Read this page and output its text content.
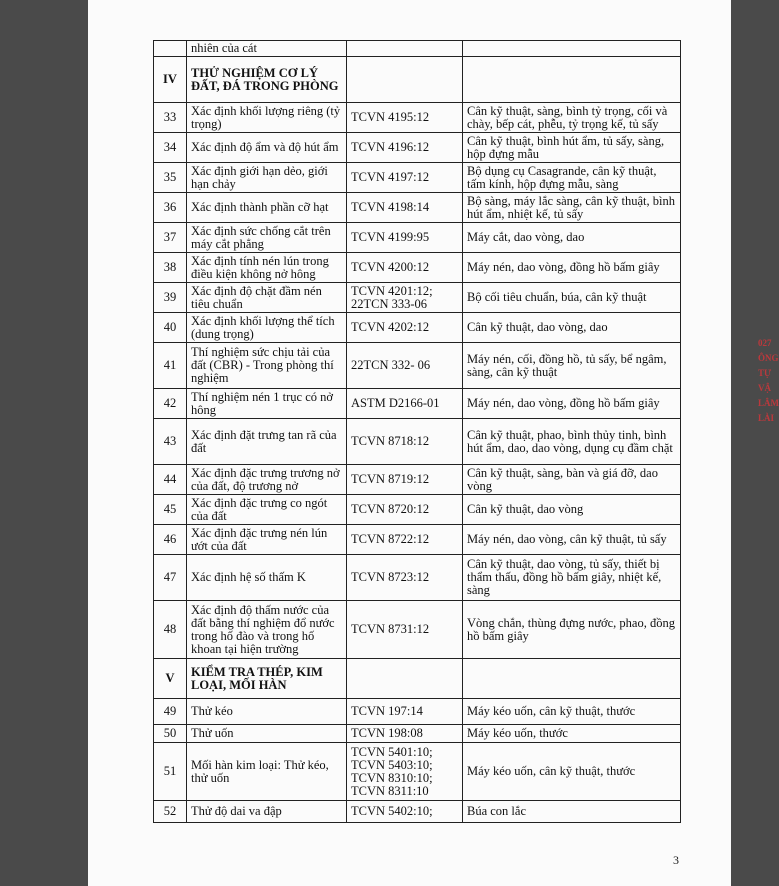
	nhiên của cát		
IV	THỬ NGHIỆM CƠ LÝ ĐẤT, ĐÁ TRONG PHÒNG		
33	Xác định khối lượng riêng (tỷ trọng)	TCVN 4195:12	Cân kỹ thuật, sàng, bình tỷ trọng, cối và chày, bếp cát, phễu, tỷ trọng kế, tủ sấy
34	Xác định độ ẩm và độ hút ẩm	TCVN 4196:12	Cân kỹ thuật, bình hút ẩm, tủ sấy, sàng, hộp đựng mẫu
35	Xác định giới hạn dẻo, giới hạn chảy	TCVN 4197:12	Bộ dụng cụ Casagrande, cân kỹ thuật, tấm kính, hộp đựng mẫu, sàng
36	Xác định thành phần cỡ hạt	TCVN 4198:14	Bộ sàng, máy lắc sàng, cân kỹ thuật, bình hút ẩm, nhiệt kế, tủ sấy
37	Xác định sức chống cắt trên máy cắt phẳng	TCVN 4199:95	Máy cắt, dao vòng, dao
38	Xác định tính nén lún trong điều kiện không nở hông	TCVN 4200:12	Máy nén, dao vòng, đồng hồ bấm giây
39	Xác định độ chặt đầm nén tiêu chuẩn	TCVN 4201:12; 22TCN 333-06	Bộ cối tiêu chuẩn, búa, cân kỹ thuật
40	Xác định khối lượng thể tích (dung trọng)	TCVN 4202:12	Cân kỹ thuật, dao vòng, dao
41	Thí nghiệm sức chịu tải của đất (CBR) - Trong phòng thí nghiệm	22TCN 332- 06	Máy nén, cối, đồng hồ, tủ sấy, bể ngâm, sàng, cân kỹ thuật
42	Thí nghiệm nén 1 trục có nở hông	ASTM D2166-01	Máy nén, dao vòng, đồng hồ bấm giây
43	Xác định đặt trưng tan rã của đất	TCVN 8718:12	Cân kỹ thuật, phao, bình thủy tinh, bình hút ẩm, dao, dao vòng, dụng cụ đầm chặt
44	Xác định đặc trưng trương nở của đất, độ trương nở	TCVN 8719:12	Cân kỹ thuật, sàng, bàn và giá đỡ, dao vòng
45	Xác định đặc trưng co ngót của đất	TCVN 8720:12	Cân kỹ thuật, dao vòng
46	Xác định đặc trưng nén lún ướt của đất	TCVN 8722:12	Máy nén, dao vòng, cân kỹ thuật, tủ sấy
47	Xác định hệ số thấm K	TCVN 8723:12	Cân kỹ thuật, dao vòng, tủ sấy, thiết bị thẩm thấu, đồng hồ bấm giây, nhiệt kế, sàng
48	Xác định độ thấm nước của đất bằng thí nghiệm đổ nước trong hố đào và trong hố khoan tại hiện trường	TCVN 8731:12	Vòng chắn, thùng đựng nước, phao, đồng hồ bấm giây
V	KIỂM TRA THÉP, KIM LOẠI, MỐI HÀN		
49	Thử kéo	TCVN 197:14	Máy kéo uốn, cân kỹ thuật, thước
50	Thử uốn	TCVN 198:08	Máy kéo uốn, thước
51	Mối hàn kim loại: Thử kéo, thử uốn	TCVN 5401:10; TCVN 5403:10; TCVN 8310:10; TCVN 8311:10	Máy kéo uốn, cân kỹ thuật, thước
52	Thử độ dai va đập	TCVN 5402:10;	Búa con lắc
3
027
ÔNG
TỰ
VẬ
LÂM
LÀI
